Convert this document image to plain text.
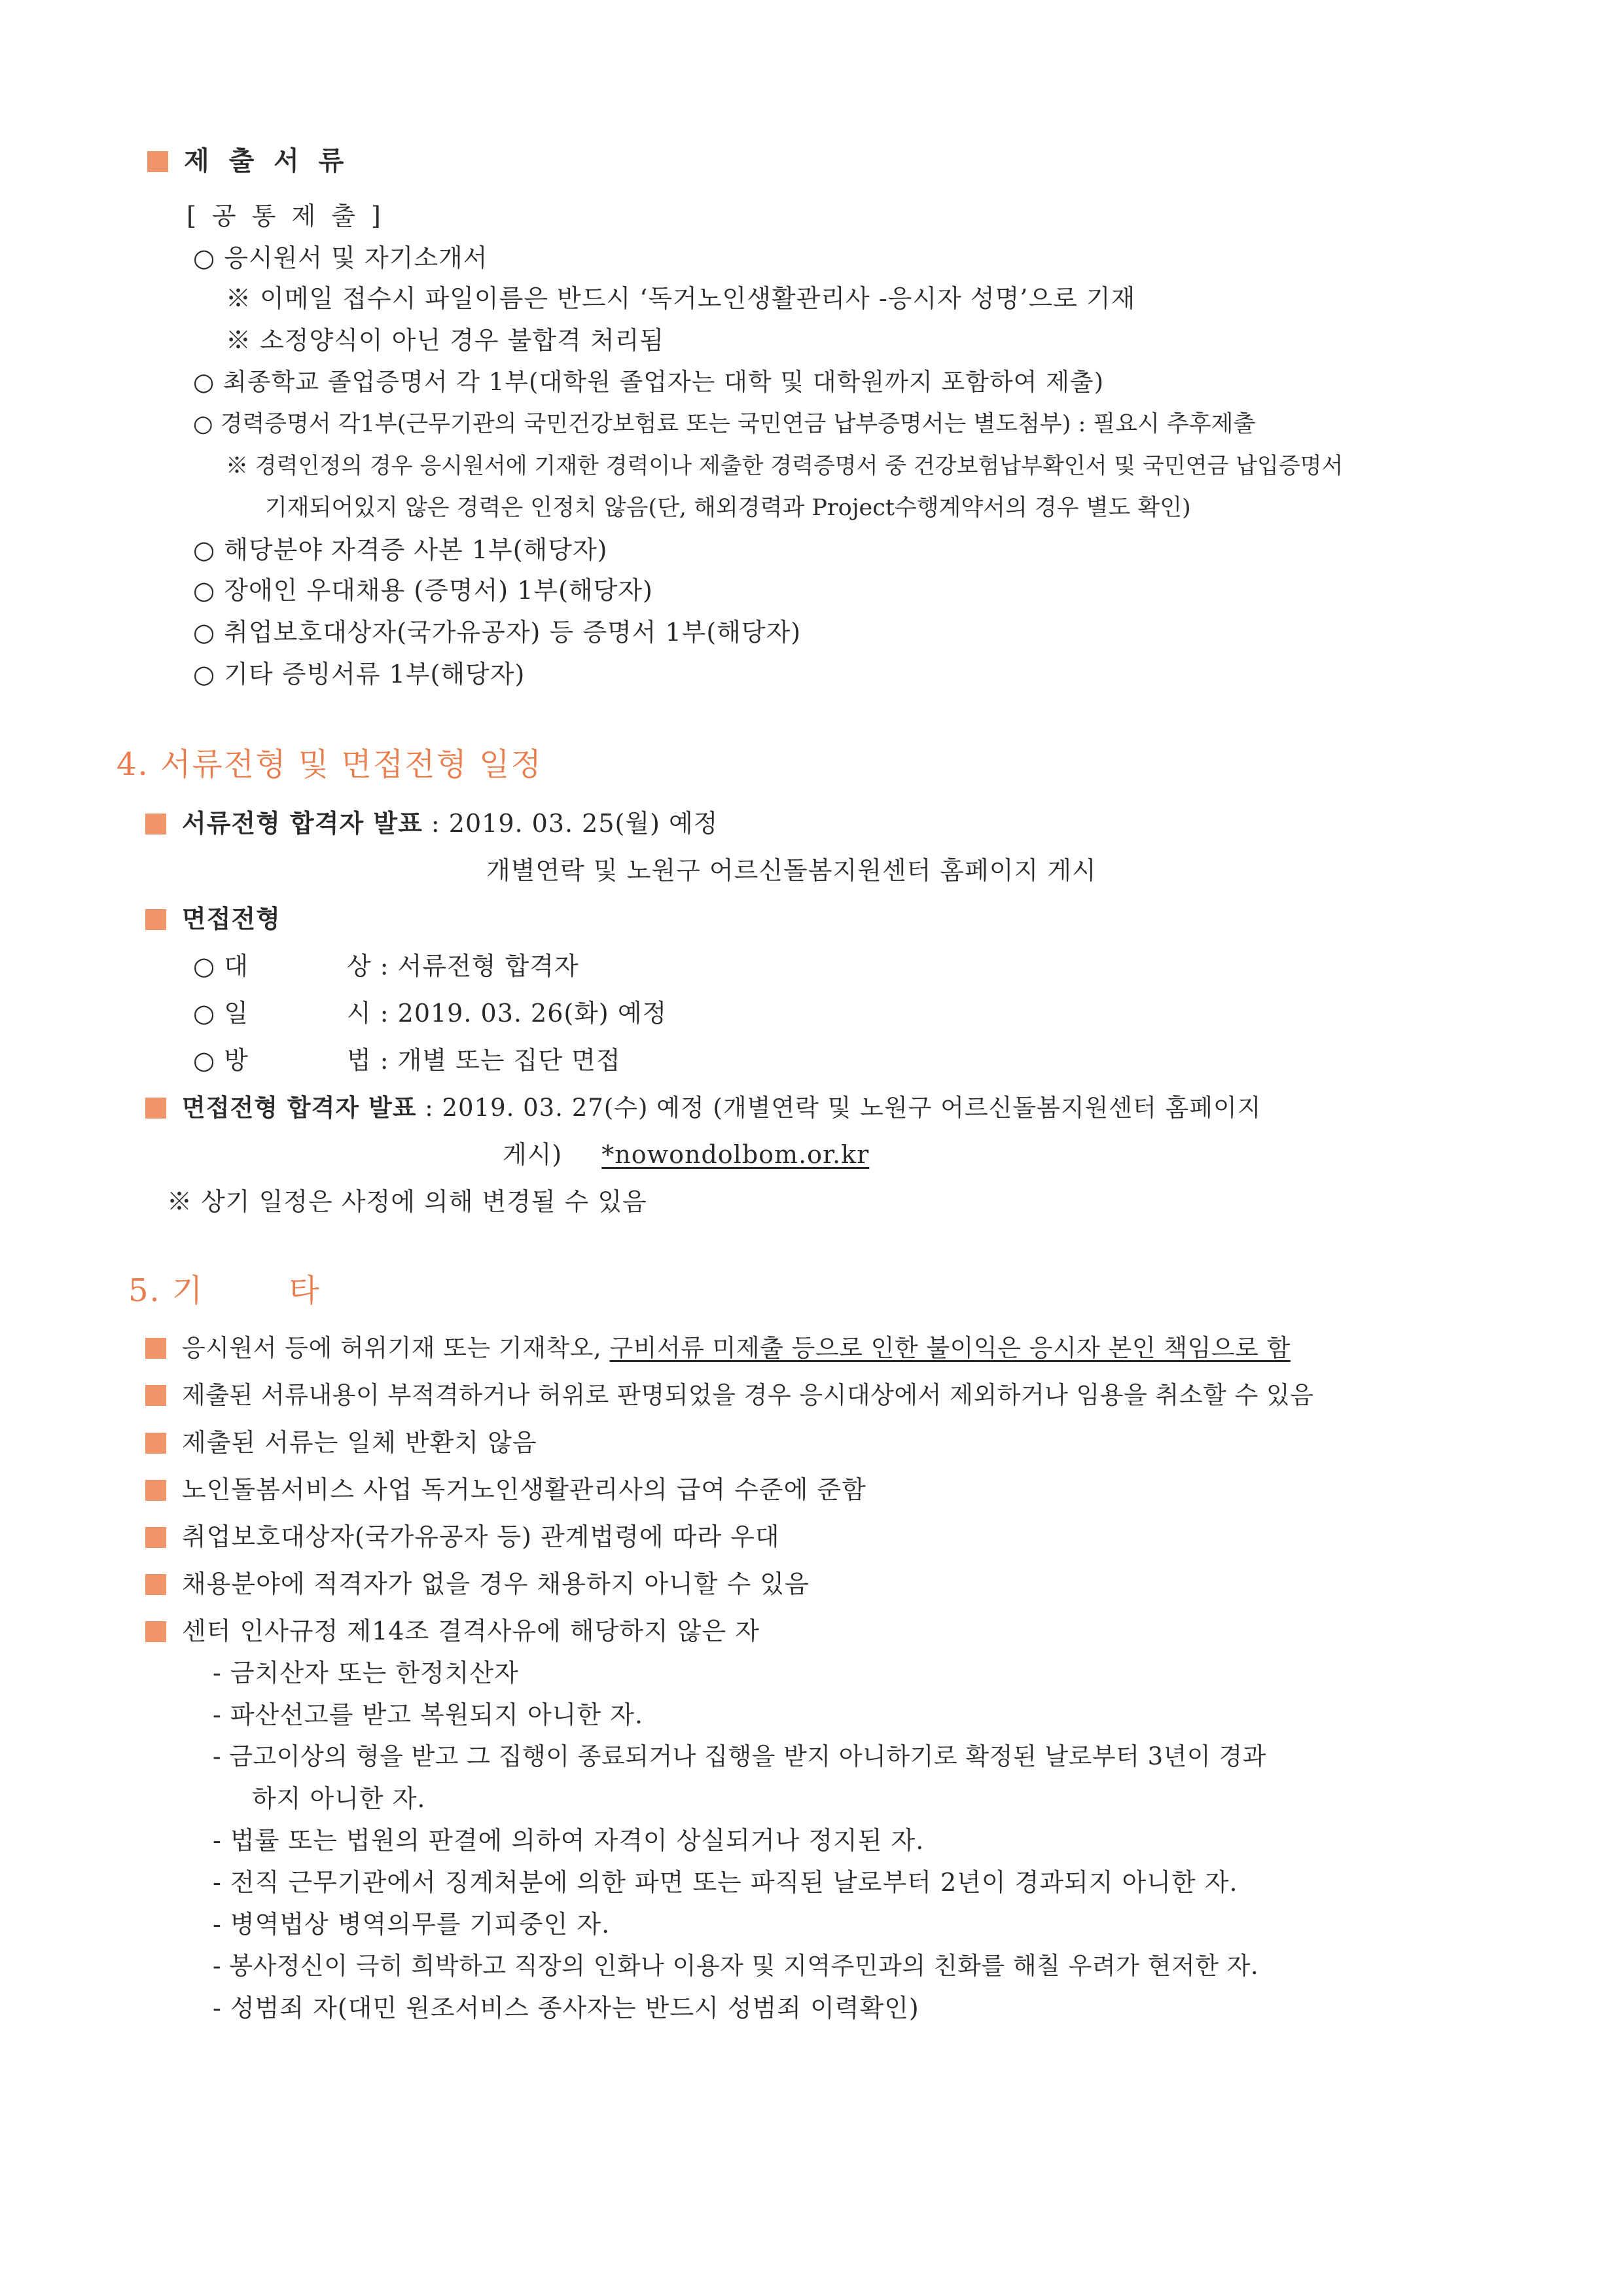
제 출 서 류
[ 공 통 제 출 ]
○ 응시원서 및 자기소개서
※ 이메일 접수시 파일이름은 반드시 ‘독거노인생활관리사 -응시자 성명’으로 기재
※ 소정양식이 아닌 경우 불합격 처리됨
○ 최종학교 졸업증명서 각 1부(대학원 졸업자는 대학 및 대학원까지 포함하여 제출)
○ 경력증명서 각1부(근무기관의 국민건강보험료 또는 국민연금 납부증명서는 별도첨부) : 필요시 추후제출
※ 경력인정의 경우 응시원서에 기재한 경력이나 제출한 경력증명서 중 건강보험납부확인서 및 국민연금 납입증명서
기재되어있지 않은 경력은 인정치 않음(단, 해외경력과 Project수행계약서의 경우 별도 확인)
○ 해당분야 자격증 사본 1부(해당자)
○ 장애인 우대채용 (증명서) 1부(해당자)
○ 취업보호대상자(국가유공자) 등 증명서 1부(해당자)
○ 기타 증빙서류 1부(해당자)
4. 서류전형 및 면접전형 일정
서류전형 합격자 발표 : 2019. 03. 25(월) 예정
개별연락 및 노원구 어르신돌봄지원센터 홈페이지 게시
면접전형
○ 대	상 : 서류전형 합격자
○ 일	시 : 2019. 03. 26(화) 예정
○ 방	법 : 개별 또는 집단 면접
면접전형 합격자 발표 : 2019. 03. 27(수) 예정 (개별연락 및 노원구 어르신돌봄지원센터 홈페이지
게시) *nowondolbom.or.kr
※ 상기 일정은 사정에 의해 변경될 수 있음
5. 기	타
응시원서 등에 허위기재 또는 기재착오, 구비서류 미제출 등으로 인한 불이익은 응시자 본인 책임으로 함
제출된 서류내용이 부적격하거나 허위로 판명되었을 경우 응시대상에서 제외하거나 임용을 취소할 수 있음
제출된 서류는 일체 반환치 않음
노인돌봄서비스 사업 독거노인생활관리사의 급여 수준에 준함
취업보호대상자(국가유공자 등) 관계법령에 따라 우대
채용분야에 적격자가 없을 경우 채용하지 아니할 수 있음
센터 인사규정 제14조 결격사유에 해당하지 않은 자
- 금치산자 또는 한정치산자
- 파산선고를 받고 복원되지 아니한 자.
- 금고이상의 형을 받고 그 집행이 종료되거나 집행을 받지 아니하기로 확정된 날로부터 3년이 경과
하지 아니한 자.
- 법률 또는 법원의 판결에 의하여 자격이 상실되거나 정지된 자.
- 전직 근무기관에서 징계처분에 의한 파면 또는 파직된 날로부터 2년이 경과되지 아니한 자.
- 병역법상 병역의무를 기피중인 자.
- 봉사정신이 극히 희박하고 직장의 인화나 이용자 및 지역주민과의 친화를 해칠 우려가 현저한 자.
- 성범죄 자(대민 원조서비스 종사자는 반드시 성범죄 이력확인)
